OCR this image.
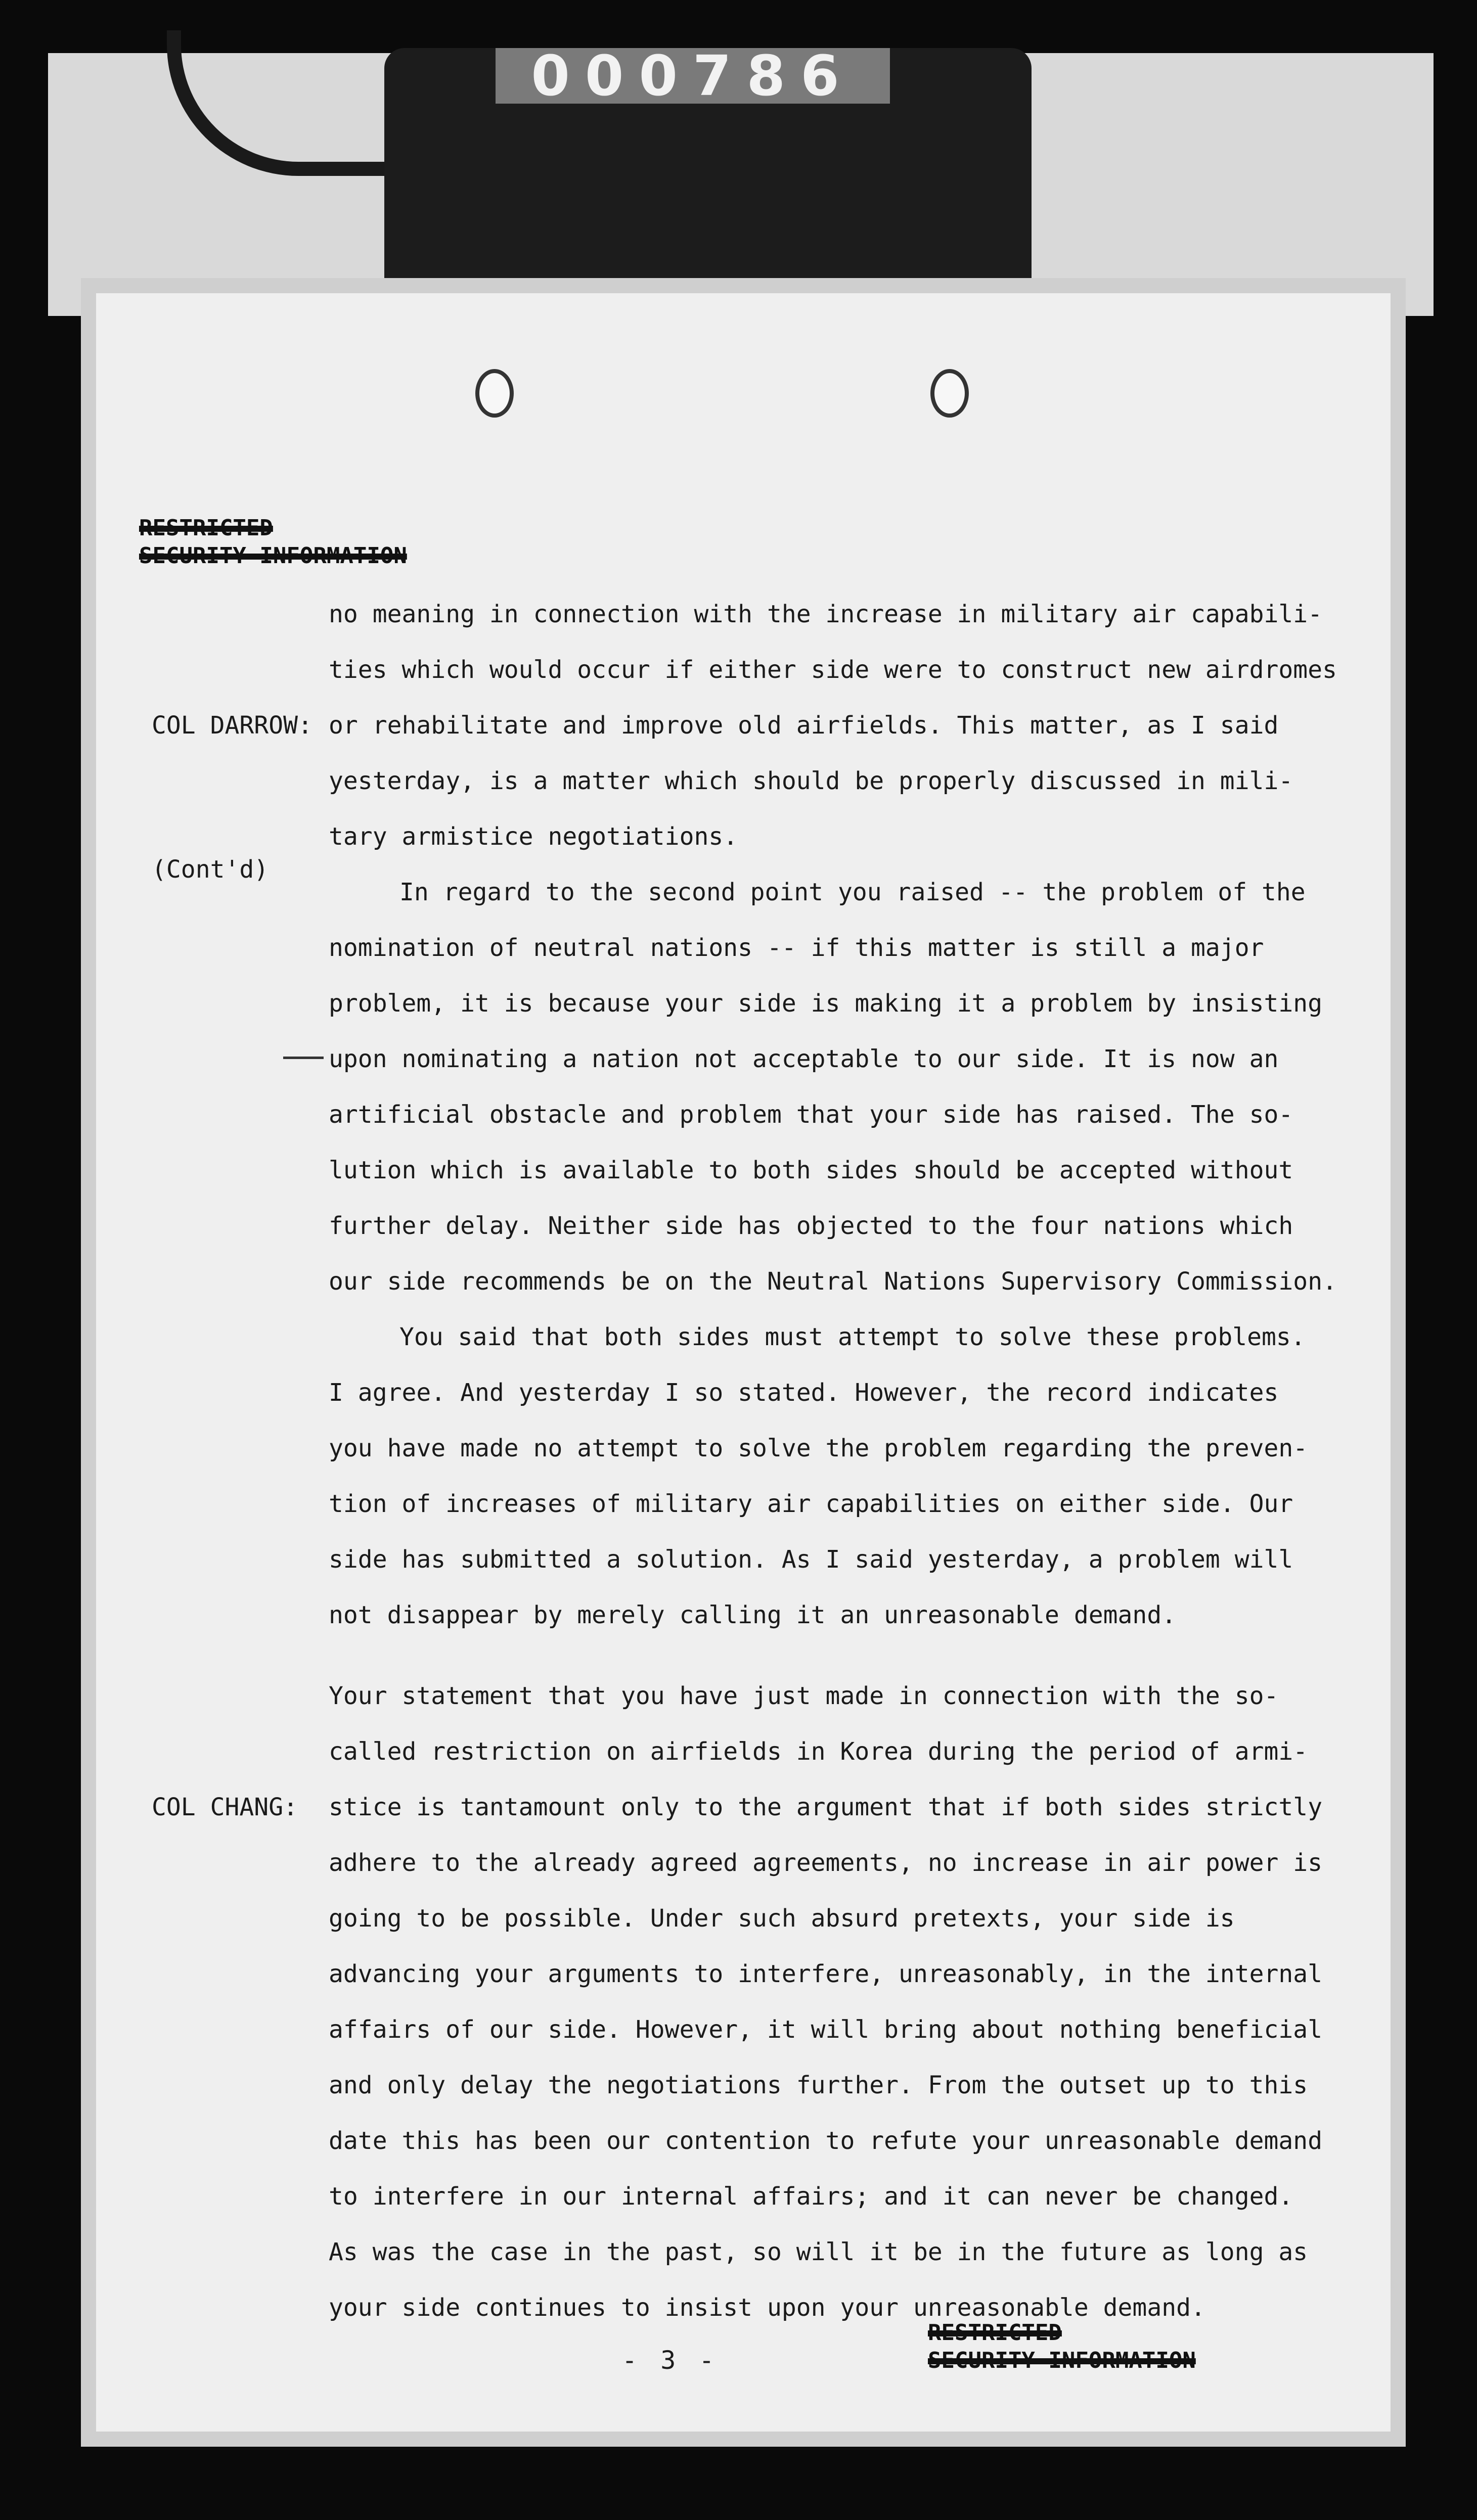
000786
RESTRICTED
SECURITY INFORMATION

COL DARROW:

(Cont'd)

no meaning in connection with the increase in military air capabili-
ties which would occur if either side were to construct new airdromes
or rehabilitate and improve old airfields. This matter, as I said
yesterday, is a matter which should be properly discussed in mili-
tary armistice negotiations.
In regard to the second point you raised -- the problem of the
nomination of neutral nations -- if this matter is still a major
problem, it is because your side is making it a problem by insisting
upon nominating a nation not acceptable to our side. It is now an
artificial obstacle and problem that your side has raised. The so-
lution which is available to both sides should be accepted without
further delay. Neither side has objected to the four nations which
our side recommends be on the Neutral Nations Supervisory Commission.
You said that both sides must attempt to solve these problems.
I agree. And yesterday I so stated. However, the record indicates
you have made no attempt to solve the problem regarding the preven-
tion of increases of military air capabilities on either side. Our
side has submitted a solution. As I said yesterday, a problem will
not disappear by merely calling it an unreasonable demand.

COL CHANG:

Your statement that you have just made in connection with the so-
called restriction on airfields in Korea during the period of armi-
stice is tantamount only to the argument that if both sides strictly
adhere to the already agreed agreements, no increase in air power is
going to be possible. Under such absurd pretexts, your side is
advancing your arguments to interfere, unreasonably, in the internal
affairs of our side. However, it will bring about nothing beneficial
and only delay the negotiations further. From the outset up to this
date this has been our contention to refute your unreasonable demand
to interfere in our internal affairs; and it can never be changed.
As was the case in the past, so will it be in the future as long as
your side continues to insist upon your unreasonable demand.
- 3 -
RESTRICTED
SECURITY INFORMATION
